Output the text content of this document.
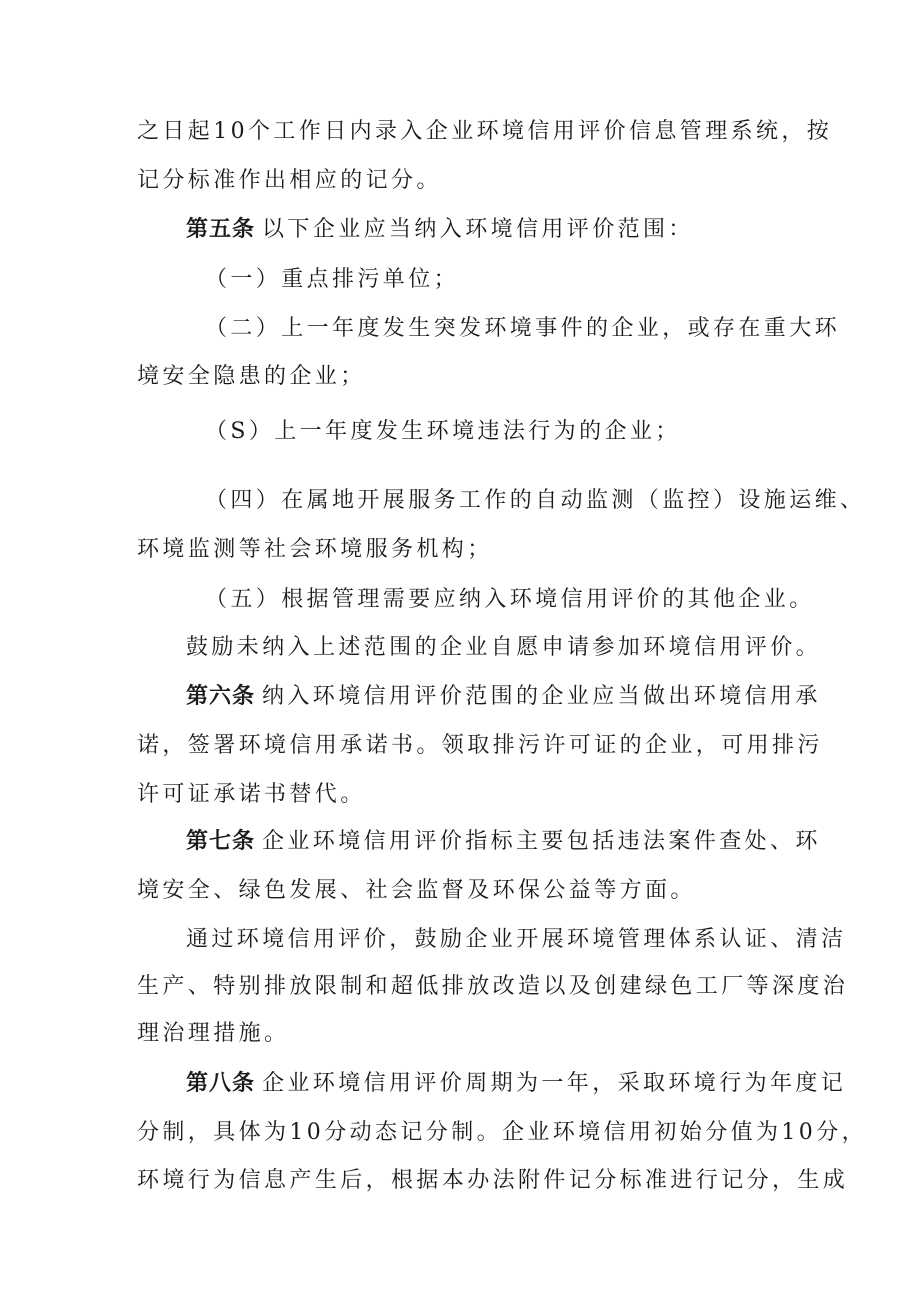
之日起10个工作日内录入企业环境信用评价信息管理系统，按
记分标准作出相应的记分。
第五条 以下企业应当纳入环境信用评价范围：
（一）重点排污单位；
（二）上一年度发生突发环境事件的企业，或存在重大环
境安全隐患的企业；
（S）上一年度发生环境违法行为的企业；
（四）在属地开展服务工作的自动监测（监控）设施运维、
环境监测等社会环境服务机构；
（五）根据管理需要应纳入环境信用评价的其他企业。
鼓励未纳入上述范围的企业自愿申请参加环境信用评价。
第六条 纳入环境信用评价范围的企业应当做出环境信用承
诺，签署环境信用承诺书。领取排污许可证的企业，可用排污
许可证承诺书替代。
第七条 企业环境信用评价指标主要包括违法案件查处、环
境安全、绿色发展、社会监督及环保公益等方面。
通过环境信用评价，鼓励企业开展环境管理体系认证、清洁
生产、特别排放限制和超低排放改造以及创建绿色工厂等深度治
理治理措施。
第八条 企业环境信用评价周期为一年，采取环境行为年度记
分制，具体为10分动态记分制。企业环境信用初始分值为10分，
环境行为信息产生后，根据本办法附件记分标准进行记分，生成
